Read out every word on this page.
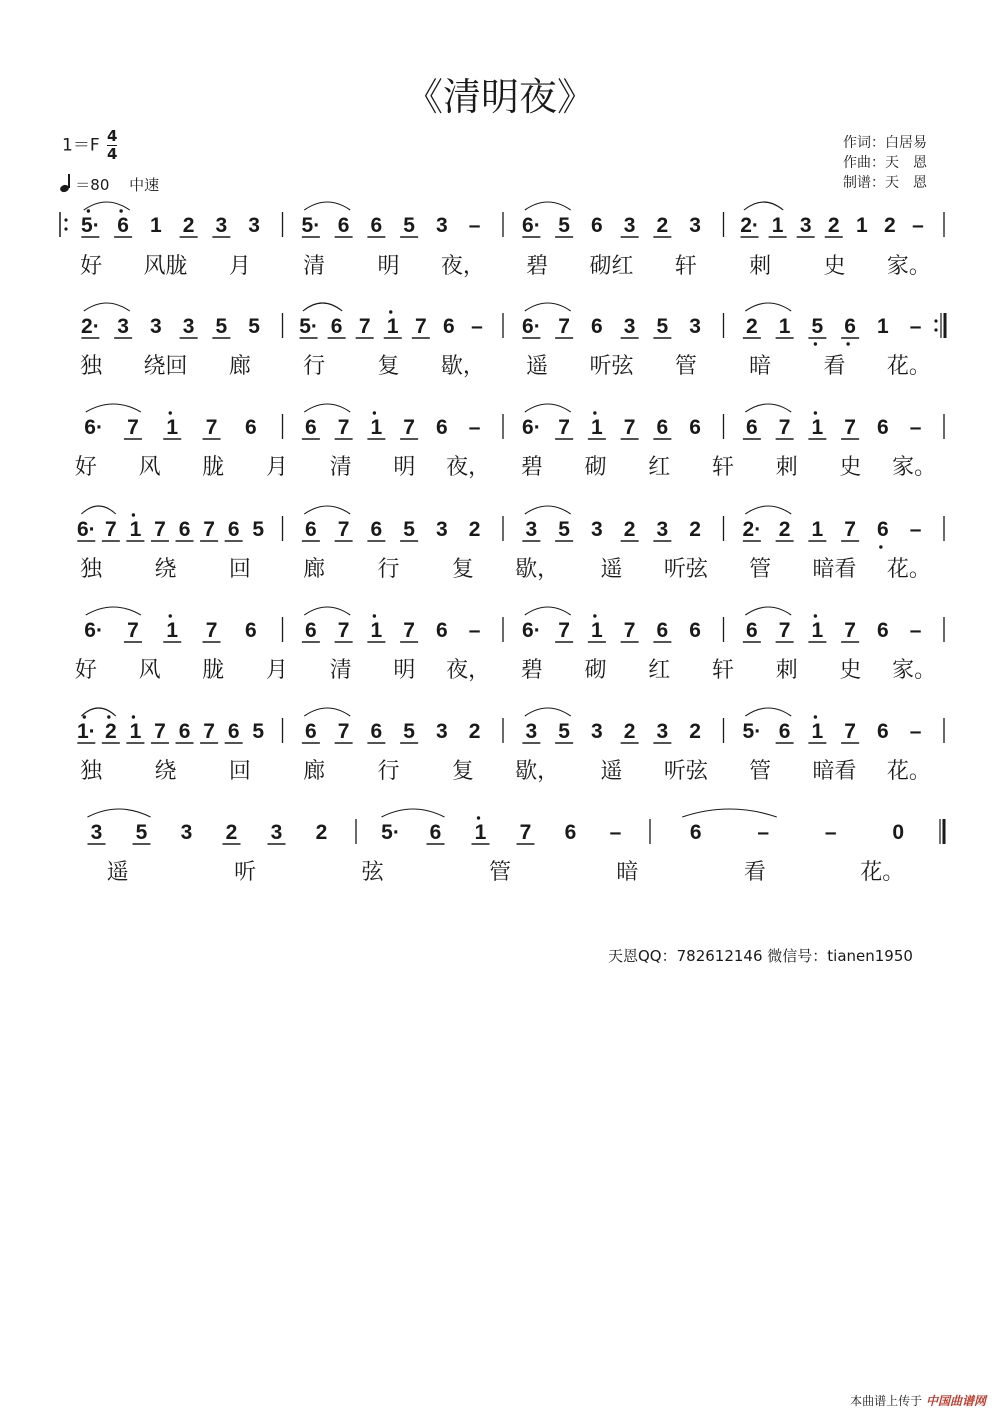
《清明夜》
$1=F \frac{4}{4}$
＝80 　中速
作词：白居易
作曲：天　恩
制谱：天　恩
5· 6 1 2 3 3 5· 6 6 5 3 – 6· 5 6 3 2 3 2· 1 3 2 1 2 –
好 风胧 月 清 明 夜， 碧 砌红 轩 刺 史 家。
2· 3 3 3 5 5 5· 6 7 1 7 6 – 6· 7 6 3 5 3 2 1 5 6 1 –
独 绕回 廊 行 复 歇， 遥 听弦 管 暗 看 花。
6· 7 1 7 6 6 7 1 7 6 – 6· 7 1 7 6 6 6 7 1 7 6 –
好 风 胧 月 清 明 夜， 碧 砌 红 轩 刺 史 家。
6· 7 1 7 6 7 6 5 6 7 6 5 3 2 3 5 3 2 3 2 2· 2 1 7 6 –
独 绕 回 廊 行 复 歇， 遥 听弦 管 暗看 花。
6· 7 1 7 6 6 7 1 7 6 – 6· 7 1 7 6 6 6 7 1 7 6 –
好 风 胧 月 清 明 夜， 碧 砌 红 轩 刺 史 家。
1· 2 1 7 6 7 6 5 6 7 6 5 3 2 3 5 3 2 3 2 5· 6 1 7 6 –
独 绕 回 廊 行 复 歇， 遥 听弦 管 暗看 花。
3 5 3 2 3 2	5· 6 1 7 6 –	6	–	–	0
遥	听	弦	管	暗	看	花。
天恩QQ：782612146 微信号：tianen1950
本曲谱上传于 中国曲谱网
